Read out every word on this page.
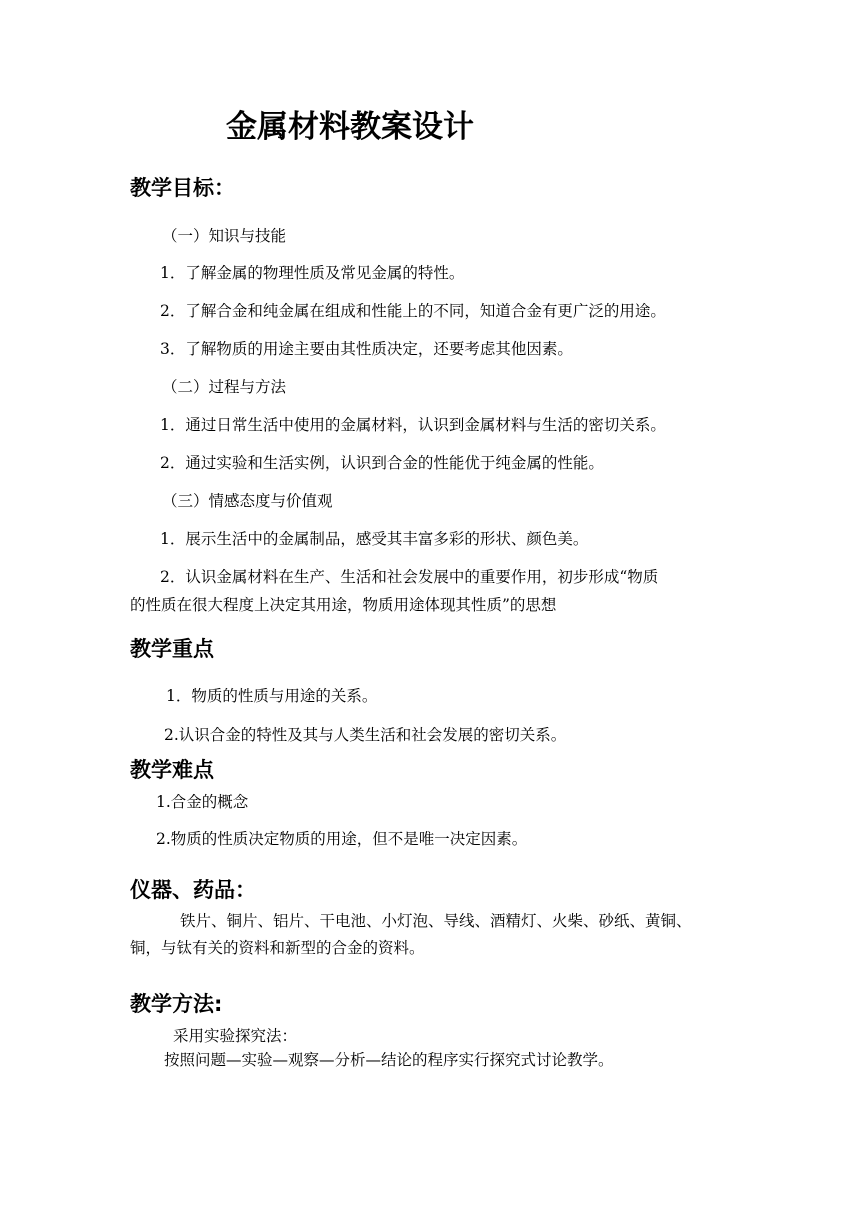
金属材料教案设计
教学目标：
（一）知识与技能
1．了解金属的物理性质及常见金属的特性。
2．了解合金和纯金属在组成和性能上的不同，知道合金有更广泛的用途。
3．了解物质的用途主要由其性质决定，还要考虑其他因素。
（二）过程与方法
1．通过日常生活中使用的金属材料，认识到金属材料与生活的密切关系。
2．通过实验和生活实例，认识到合金的性能优于纯金属的性能。
（三）情感态度与价值观
1．展示生活中的金属制品，感受其丰富多彩的形状、颜色美。
2．认识金属材料在生产、生活和社会发展中的重要作用，初步形成“物质
的性质在很大程度上决定其用途，物质用途体现其性质”的思想
教学重点
1．物质的性质与用途的关系。
2.认识合金的特性及其与人类生活和社会发展的密切关系。
教学难点
1.合金的概念
2.物质的性质决定物质的用途，但不是唯一决定因素。
仪器、药品：
铁片、铜片、铝片、干电池、小灯泡、导线、酒精灯、火柴、砂纸、黄铜、
铜，与钛有关的资料和新型的合金的资料。
教学方法:
采用实验探究法：
按照问题—实验—观察—分析—结论的程序实行探究式讨论教学。
